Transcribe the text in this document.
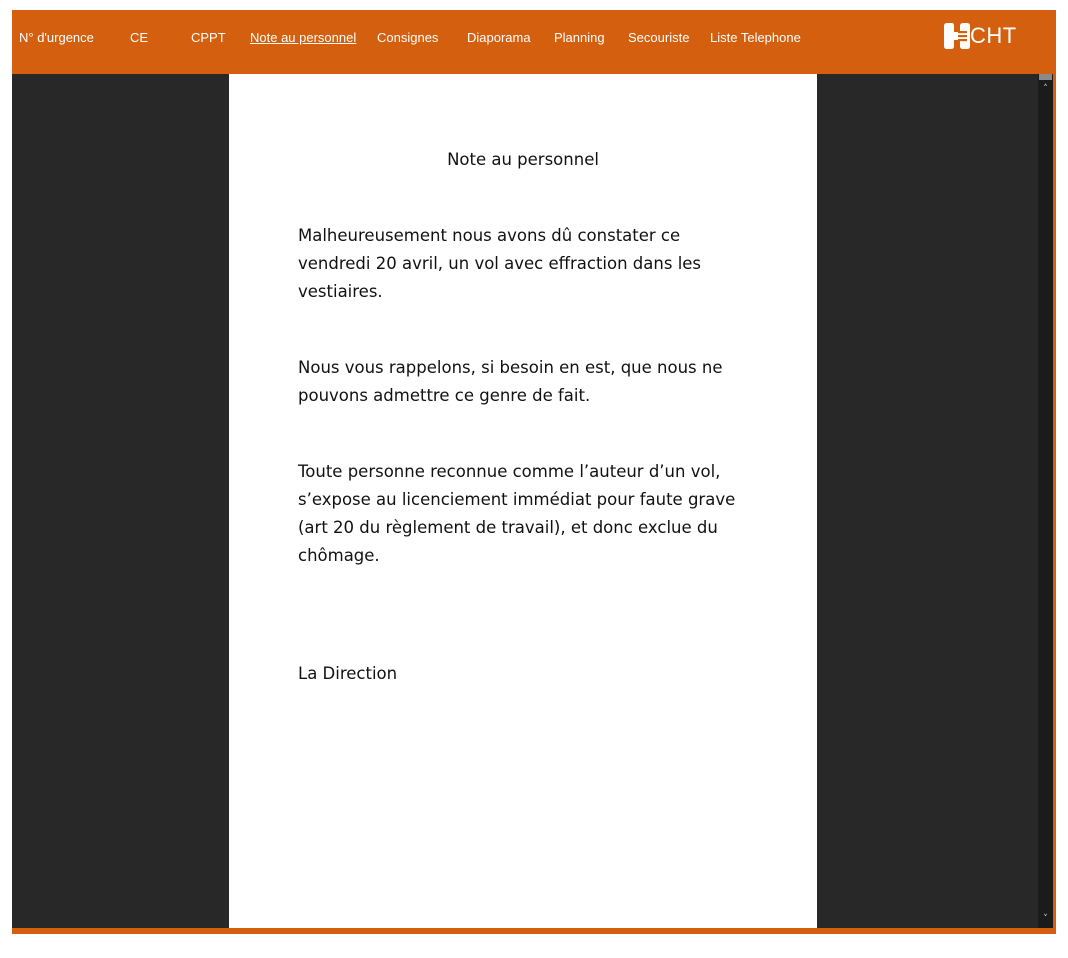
N° d'urgence	CE	CPPT Note au personnel Consignes Diaporama Planning Secouriste Liste Telephone	CHT
Note au personnel

Malheureusement nous avons dû constater ce vendredi 20 avril, un vol avec effraction dans les vestiaires.

Nous vous rappelons, si besoin en est, que nous ne pouvons admettre ce genre de fait.

Toute personne reconnue comme l’auteur d’un vol, s’expose au licenciement immédiat pour faute grave (art 20 du règlement de travail), et donc exclue du chômage.

La Direction

˄
˅
